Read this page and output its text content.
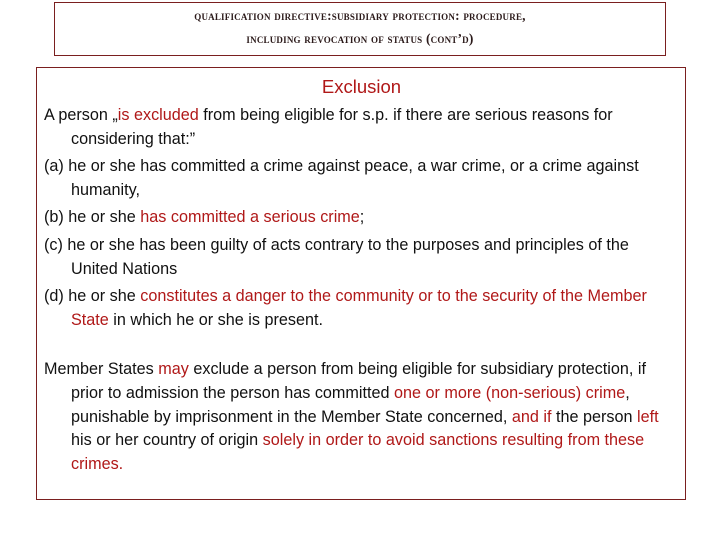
qualification directive:subsidiary protection: procedure,
including revocation of status (cont’d)
Exclusion

A person „is excluded from being eligible for s.p. if there are serious reasons for considering that:”

(a) he or she has committed a crime against peace, a war crime, or a crime against humanity,

(b) he or she has committed a serious crime;

(c) he or she has been guilty of acts contrary to the purposes and principles of the United Nations

(d) he or she constitutes a danger to the community or to the security of the Member State in which he or she is present.

Member States may exclude a person from being eligible for subsidiary protection, if prior to admission the person has committed one or more (non-serious) crime, punishable by imprisonment in the Member State concerned, and if the person left his or her country of origin solely in order to avoid sanctions resulting from these crimes.
